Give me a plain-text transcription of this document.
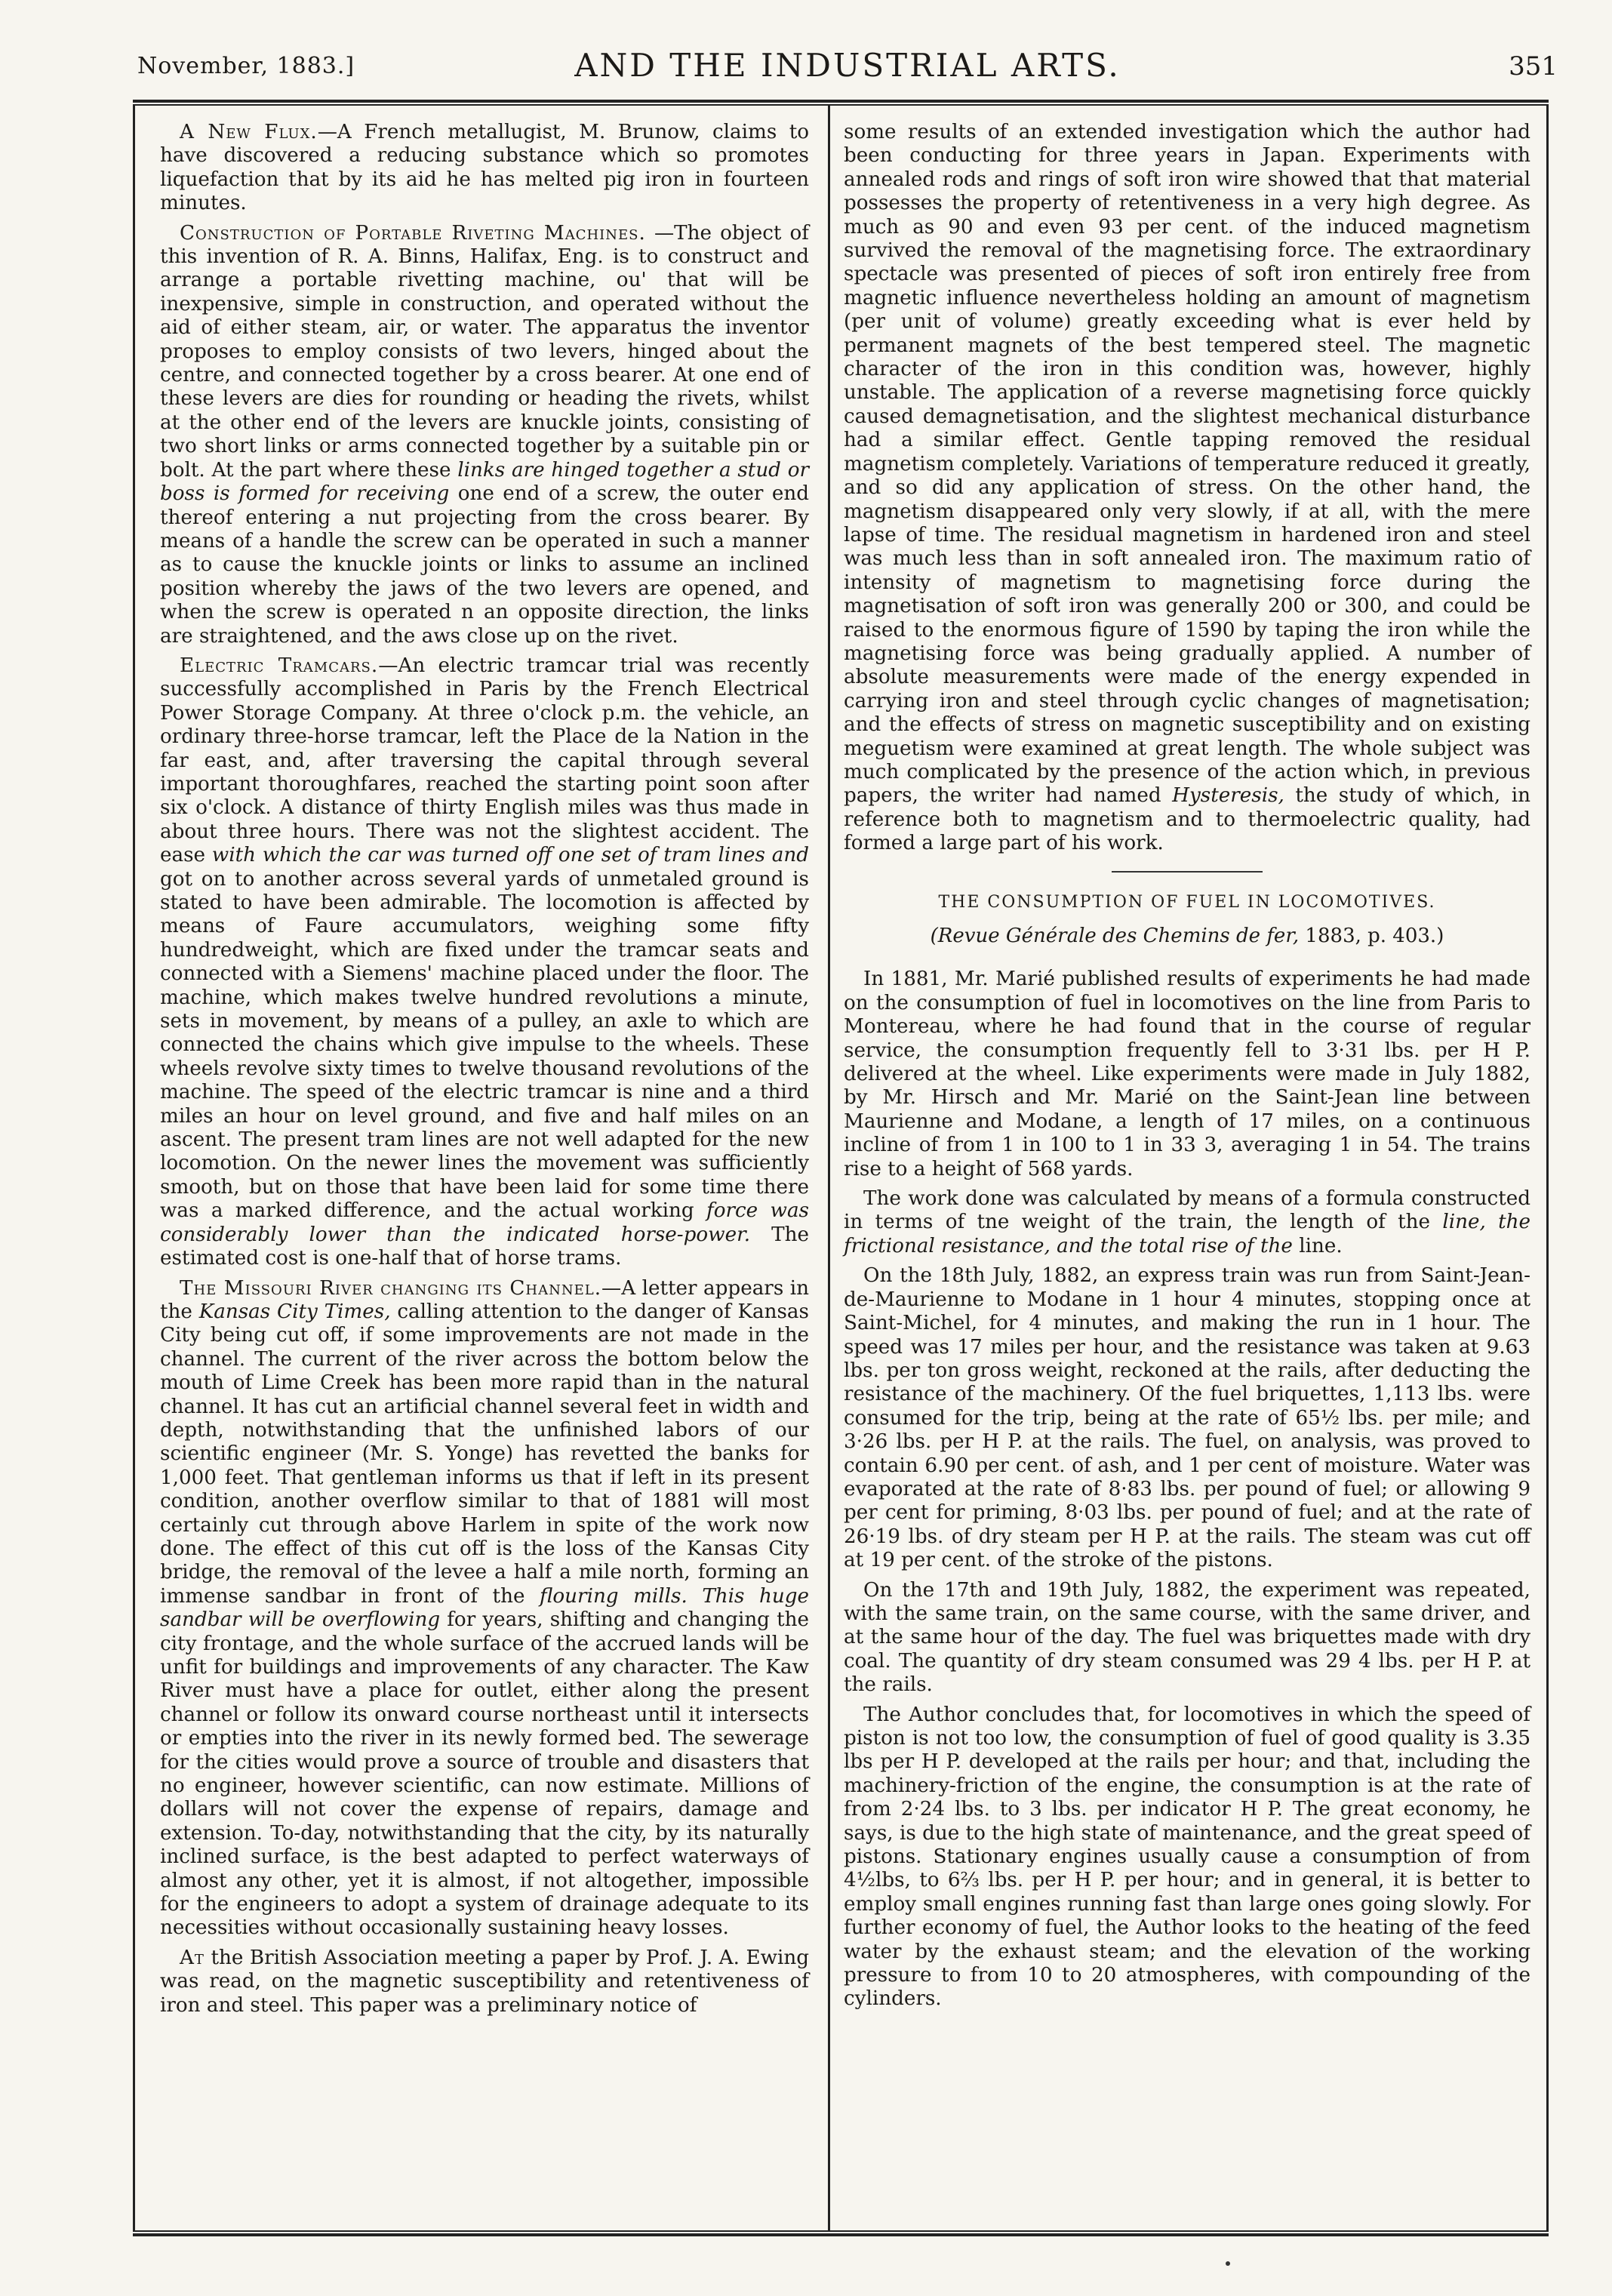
November, 1883.]	AND THE INDUSTRIAL ARTS.	351

A New Flux.—A French metallugist, M. Brunow, claims to have discovered a reducing substance which so promotes liquefaction that by its aid he has melted pig iron in fourteen minutes.

Construction of Portable Riveting Machines. —The object of this invention of R. A. Binns, Halifax, Eng. is to construct and arrange a portable rivetting machine, ou' that will be inexpensive, simple in construction, and operated without the aid of either steam, air, or water. The apparatus the inventor proposes to employ consists of two levers, hinged about the centre, and connected together by a cross bearer. At one end of these levers are dies for rounding or heading the rivets, whilst at the other end of the levers are knuckle joints, consisting of two short links or arms connected together by a suitable pin or bolt. At the part where these links are hinged together a stud or boss is formed for receiving one end of a screw, the outer end thereof entering a nut projecting from the cross bearer. By means of a handle the screw can be operated in such a manner as to cause the knuckle joints or links to assume an inclined position whereby the jaws of the two levers are opened, and when the screw is operated n an opposite direction, the links are straightened, and the aws close up on the rivet.

Electric Tramcars.—An electric tramcar trial was recently successfully accomplished in Paris by the French Electrical Power Storage Company. At three o'clock p.m. the vehicle, an ordinary three-horse tramcar, left the Place de la Nation in the far east, and, after traversing the capital through several important thoroughfares, reached the starting point soon after six o'clock. A distance of thirty English miles was thus made in about three hours. There was not the slightest accident. The ease with which the car was turned off one set of tram lines and got on to another across several yards of unmetaled ground is stated to have been admirable. The locomotion is affected by means of Faure accumulators, weighing some fifty hundredweight, which are fixed under the tramcar seats and connected with a Siemens' machine placed under the floor. The machine, which makes twelve hundred revolutions a minute, sets in movement, by means of a pulley, an axle to which are connected the chains which give impulse to the wheels. These wheels revolve sixty times to twelve thousand revolutions of the machine. The speed of the electric tramcar is nine and a third miles an hour on level ground, and five and half miles on an ascent. The present tram lines are not well adapted for the new locomotion. On the newer lines the movement was sufficiently smooth, but on those that have been laid for some time there was a marked difference, and the actual working force was considerably lower than the indicated horse-power. The estimated cost is one-half that of horse trams.

The Missouri River changing its Channel.—A letter appears in the Kansas City Times, calling attention to the danger of Kansas City being cut off, if some improvements are not made in the channel. The current of the river across the bottom below the mouth of Lime Creek has been more rapid than in the natural channel. It has cut an artificial channel several feet in width and depth, notwithstanding that the unfinished labors of our scientific engineer (Mr. S. Yonge) has revetted the banks for 1,000 feet. That gentleman informs us that if left in its present condition, another overflow similar to that of 1881 will most certainly cut through above Harlem in spite of the work now done. The effect of this cut off is the loss of the Kansas City bridge, the removal of the levee a half a mile north, forming an immense sandbar in front of the flouring mills. This huge sandbar will be overflowing for years, shifting and changing the city frontage, and the whole surface of the accrued lands will be unfit for buildings and improvements of any character. The Kaw River must have a place for outlet, either along the present channel or follow its onward course northeast until it intersects or empties into the river in its newly formed bed. The sewerage for the cities would prove a source of trouble and disasters that no engineer, however scientific, can now estimate. Millions of dollars will not cover the expense of repairs, damage and extension. To-day, notwithstanding that the city, by its naturally inclined surface, is the best adapted to perfect waterways of almost any other, yet it is almost, if not altogether, impossible for the engineers to adopt a system of drainage adequate to its necessities without occasionally sustaining heavy losses.

At the British Association meeting a paper by Prof. J. A. Ewing was read, on the magnetic susceptibility and retentiveness of iron and steel. This paper was a preliminary notice of

some results of an extended investigation which the author had been conducting for three years in Japan. Experiments with annealed rods and rings of soft iron wire showed that that material possesses the property of retentiveness in a very high degree. As much as 90 and even 93 per cent. of the induced magnetism survived the removal of the magnetising force. The extraordinary spectacle was presented of pieces of soft iron entirely free from magnetic influence nevertheless holding an amount of magnetism (per unit of volume) greatly exceeding what is ever held by permanent magnets of the best tempered steel. The magnetic character of the iron in this condition was, however, highly unstable. The application of a reverse magnetising force quickly caused demagnetisation, and the slightest mechanical disturbance had a similar effect. Gentle tapping removed the residual magnetism completely. Variations of temperature reduced it greatly, and so did any application of stress. On the other hand, the magnetism disappeared only very slowly, if at all, with the mere lapse of time. The residual magnetism in hardened iron and steel was much less than in soft annealed iron. The maximum ratio of intensity of magnetism to magnetising force during the magnetisation of soft iron was generally 200 or 300, and could be raised to the enormous figure of 1590 by taping the iron while the magnetising force was being gradually applied. A number of absolute measurements were made of the energy expended in carrying iron and steel through cyclic changes of magnetisation; and the effects of stress on magnetic susceptibility and on existing meguetism were examined at great length. The whole subject was much complicated by the presence of the action which, in previous papers, the writer had named Hysteresis, the study of which, in reference both to magnetism and to thermoelectric quality, had formed a large part of his work.

THE CONSUMPTION OF FUEL IN LOCOMOTIVES.
(Revue Générale des Chemins de fer, 1883, p. 403.)

In 1881, Mr. Marié published results of experiments he had made on the consumption of fuel in locomotives on the line from Paris to Montereau, where he had found that in the course of regular service, the consumption frequently fell to 3·31 lbs. per H P. delivered at the wheel. Like experiments were made in July 1882, by Mr. Hirsch and Mr. Marié on the Saint-Jean line between Maurienne and Modane, a length of 17 miles, on a continuous incline of from 1 in 100 to 1 in 33 3, averaging 1 in 54. The trains rise to a height of 568 yards.

The work done was calculated by means of a formula constructed in terms of tne weight of the train, the length of the line, the frictional resistance, and the total rise of the line.

On the 18th July, 1882, an express train was run from Saint-Jean-de-Maurienne to Modane in 1 hour 4 minutes, stopping once at Saint-Michel, for 4 minutes, and making the run in 1 hour. The speed was 17 miles per hour, and the resistance was taken at 9.63 lbs. per ton gross weight, reckoned at the rails, after deducting the resistance of the machinery. Of the fuel briquettes, 1,113 lbs. were consumed for the trip, being at the rate of 65½ lbs. per mile; and 3·26 lbs. per H P. at the rails. The fuel, on analysis, was proved to contain 6.90 per cent. of ash, and 1 per cent of moisture. Water was evaporated at the rate of 8·83 lbs. per pound of fuel; or allowing 9 per cent for priming, 8·03 lbs. per pound of fuel; and at the rate of 26·19 lbs. of dry steam per H P. at the rails. The steam was cut off at 19 per cent. of the stroke of the pistons.

On the 17th and 19th July, 1882, the experiment was repeated, with the same train, on the same course, with the same driver, and at the same hour of the day. The fuel was briquettes made with dry coal. The quantity of dry steam consumed was 29 4 lbs. per H P. at the rails.

The Author concludes that, for locomotives in which the speed of piston is not too low, the consumption of fuel of good quality is 3.35 lbs per H P. developed at the rails per hour; and that, including the machinery-friction of the engine, the consumption is at the rate of from 2·24 lbs. to 3 lbs. per indicator H P. The great economy, he says, is due to the high state of maintenance, and the great speed of pistons. Stationary engines usually cause a consumption of from 4½lbs, to 6⅔ lbs. per H P. per hour; and in general, it is better to employ small engines running fast than large ones going slowly. For further economy of fuel, the Author looks to the heating of the feed water by the exhaust steam; and the elevation of the working pressure to from 10 to 20 atmospheres, with compounding of the cylinders.
